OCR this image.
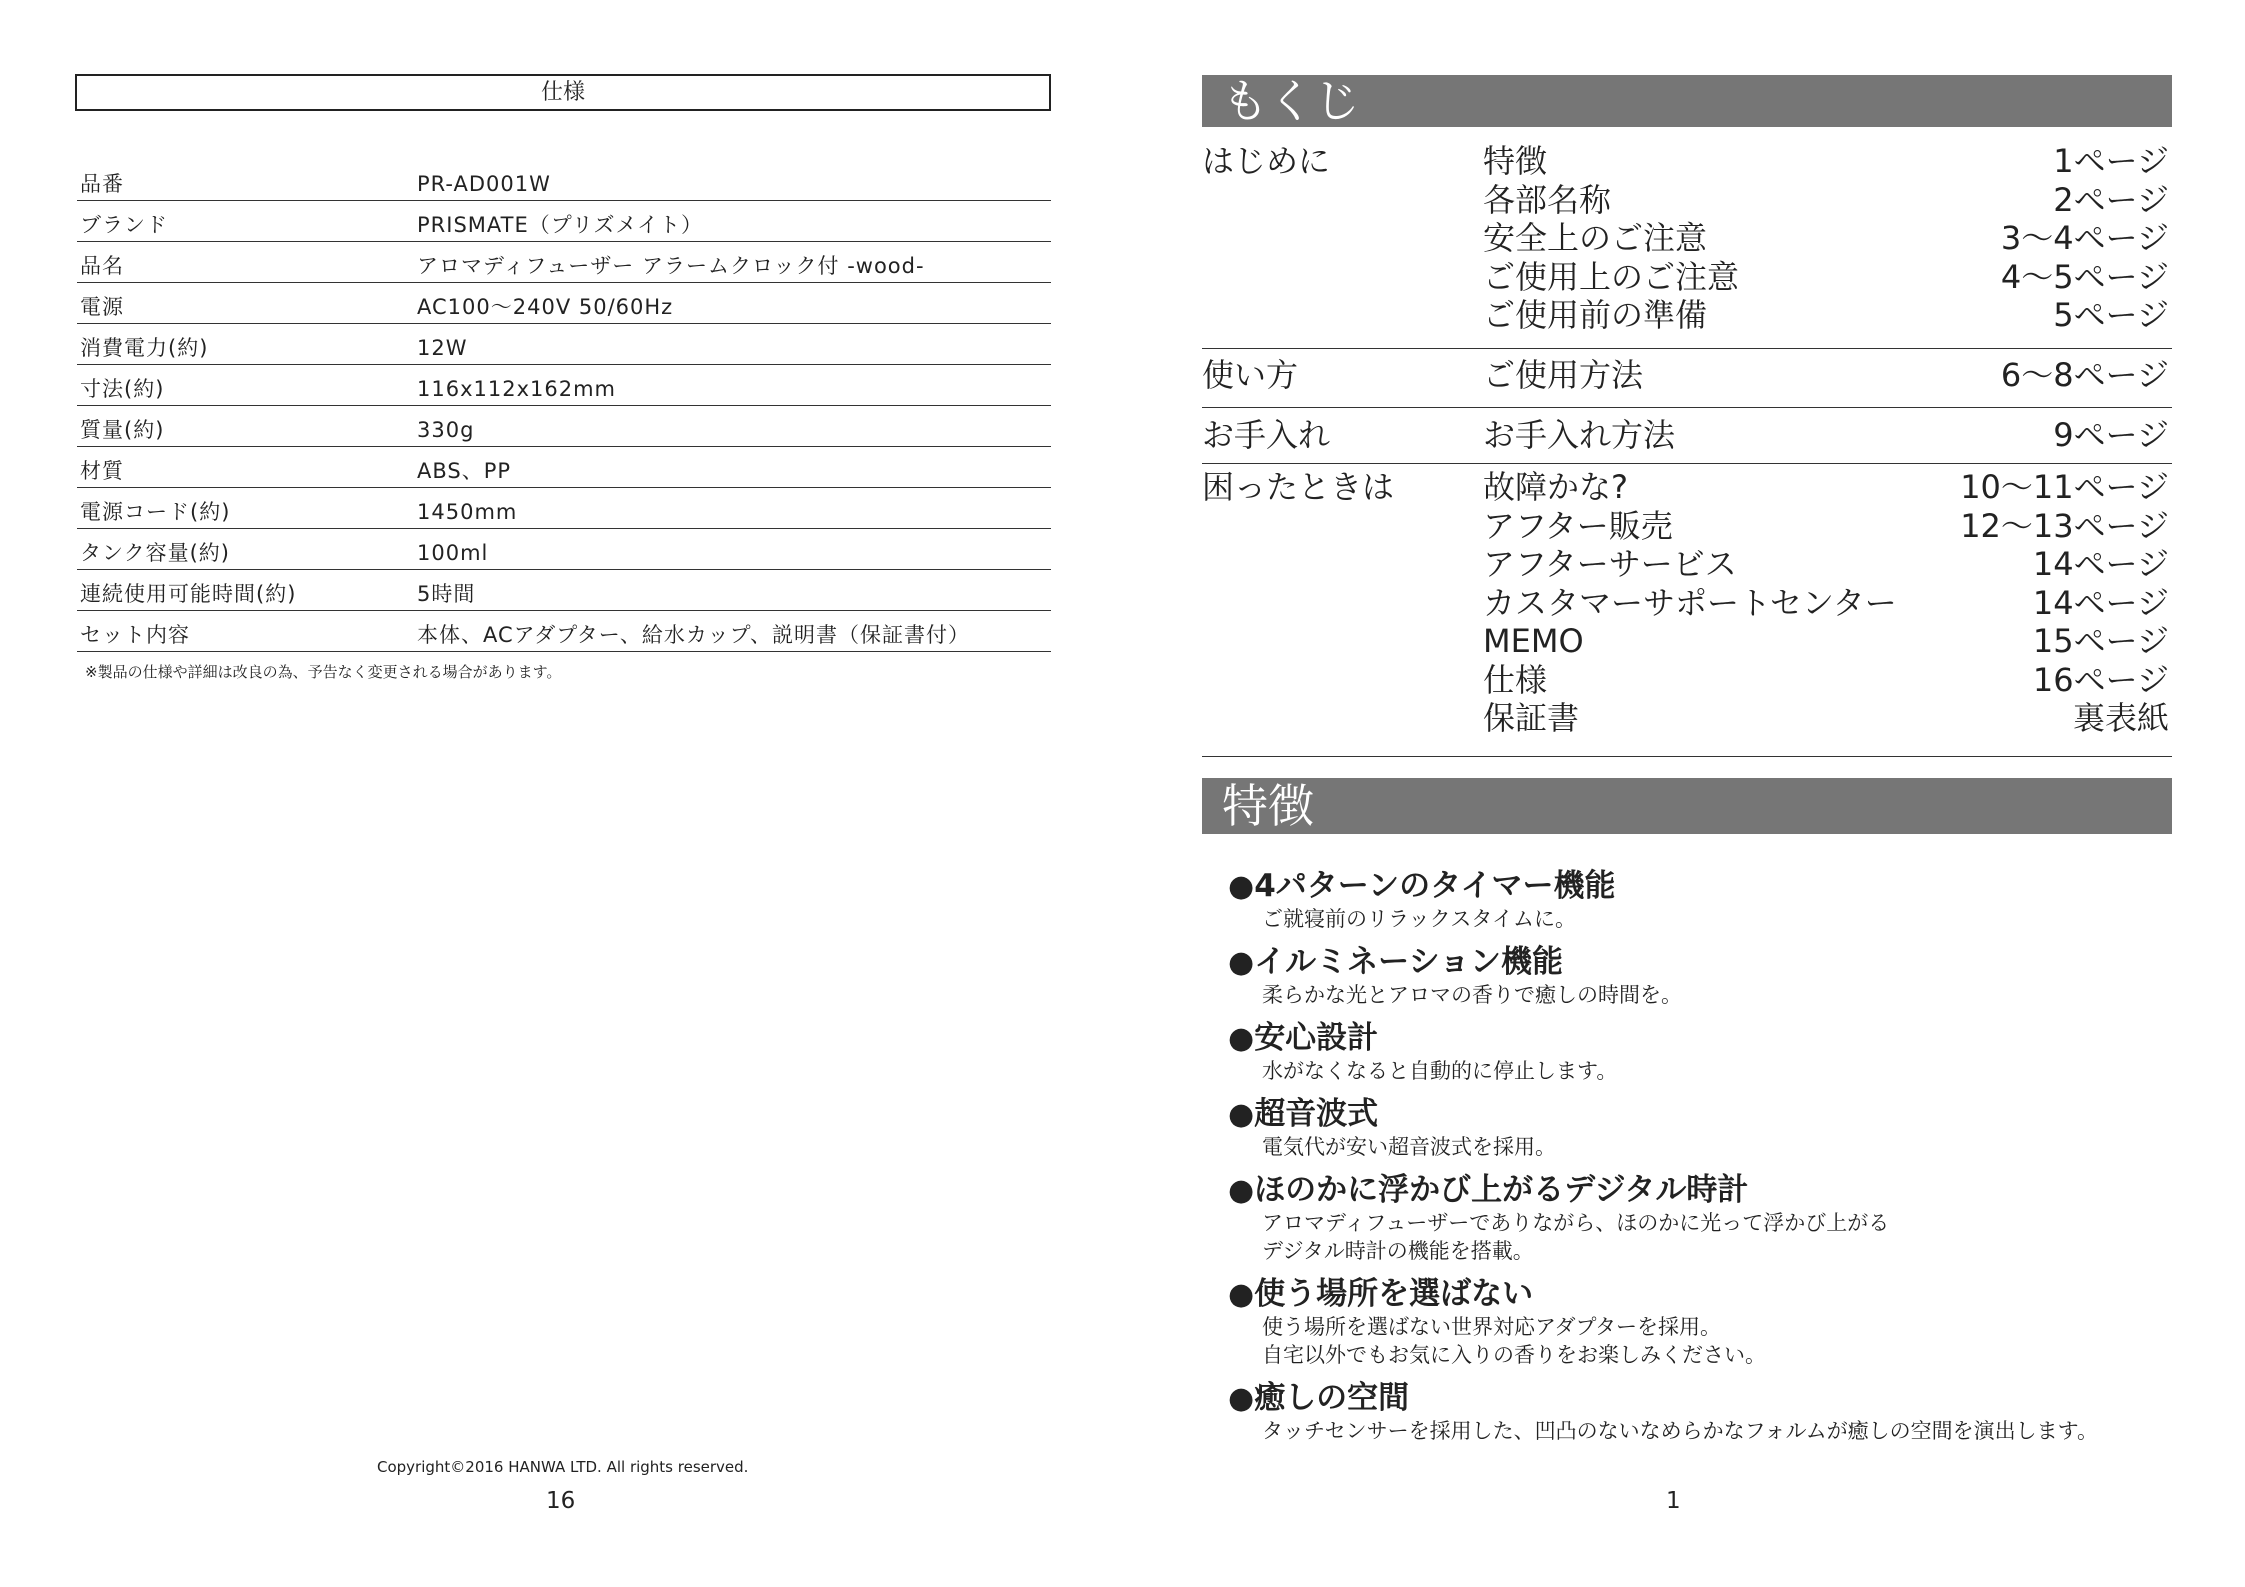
仕様
品番	PR-AD001W
ブランド	PRISMATE（プリズメイト）
品名	アロマディフューザー アラームクロック付 -wood-
電源	AC100～240V 50/60Hz
消費電力(約)	12W
寸法(約)	116x112x162mm
質量(約)	330g
材質	ABS、PP
電源コード(約)	1450mm
タンク容量(約)	100ml
連続使用可能時間(約)	5時間
セット内容	本体、ACアダプター、給水カップ、説明書（保証書付）
※製品の仕様や詳細は改良の為、予告なく変更される場合があります。
Copyright©2016 HANWA LTD. All rights reserved.
16
もくじ
はじめに	特徴	1ページ
各部名称	2ページ
安全上のご注意	3～4ページ
ご使用上のご注意	4～5ページ
ご使用前の準備	5ページ
使い方	ご使用方法	6～8ページ
お手入れ	お手入れ方法	9ページ
困ったときは	故障かな?	10～11ページ
アフター販売	12～13ページ
アフターサービス	14ページ
カスタマーサポートセンター	14ページ
MEMO	15ページ
仕様	16ページ
保証書	裏表紙
特徴
●4パターンのタイマー機能
ご就寝前のリラックスタイムに。
●イルミネーション機能
柔らかな光とアロマの香りで癒しの時間を。
●安心設計
水がなくなると自動的に停止します。
●超音波式
電気代が安い超音波式を採用。
●ほのかに浮かび上がるデジタル時計
アロマディフューザーでありながら、ほのかに光って浮かび上がる
デジタル時計の機能を搭載。
●使う場所を選ばない
使う場所を選ばない世界対応アダプターを採用。
自宅以外でもお気に入りの香りをお楽しみください。
●癒しの空間
タッチセンサーを採用した、凹凸のないなめらかなフォルムが癒しの空間を演出します。
1
